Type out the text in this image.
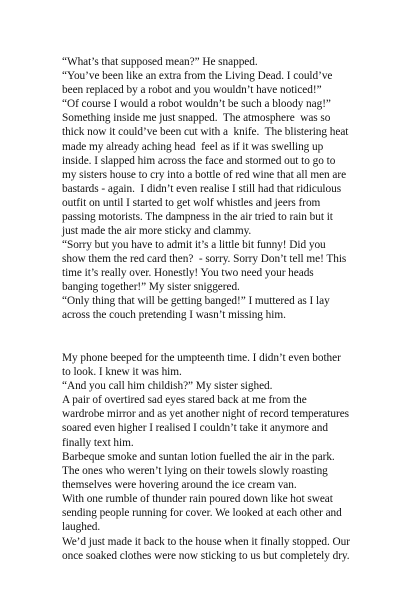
“What’s that supposed mean?” He snapped.
“You’ve been like an extra from the Living Dead. I could’ve
been replaced by a robot and you wouldn’t have noticed!”
“Of course I would a robot wouldn’t be such a bloody nag!”
Something inside me just snapped.  The atmosphere  was so
thick now it could’ve been cut with a  knife.  The blistering heat
made my already aching head  feel as if it was swelling up
inside. I slapped him across the face and stormed out to go to
my sisters house to cry into a bottle of red wine that all men are
bastards - again.  I didn’t even realise I still had that ridiculous
outfit on until I started to get wolf whistles and jeers from
passing motorists. The dampness in the air tried to rain but it
just made the air more sticky and clammy.
“Sorry but you have to admit it’s a little bit funny! Did you
show them the red card then?  - sorry. Sorry Don’t tell me! This
time it’s really over. Honestly! You two need your heads
banging together!” My sister sniggered.
“Only thing that will be getting banged!” I muttered as I lay
across the couch pretending I wasn’t missing him.
My phone beeped for the umpteenth time. I didn’t even bother
to look. I knew it was him.
“And you call him childish?” My sister sighed.
A pair of overtired sad eyes stared back at me from the
wardrobe mirror and as yet another night of record temperatures
soared even higher I realised I couldn’t take it anymore and
finally text him.
Barbeque smoke and suntan lotion fuelled the air in the park.
The ones who weren’t lying on their towels slowly roasting
themselves were hovering around the ice cream van.
With one rumble of thunder rain poured down like hot sweat
sending people running for cover. We looked at each other and
laughed.
We’d just made it back to the house when it finally stopped. Our
once soaked clothes were now sticking to us but completely dry.
